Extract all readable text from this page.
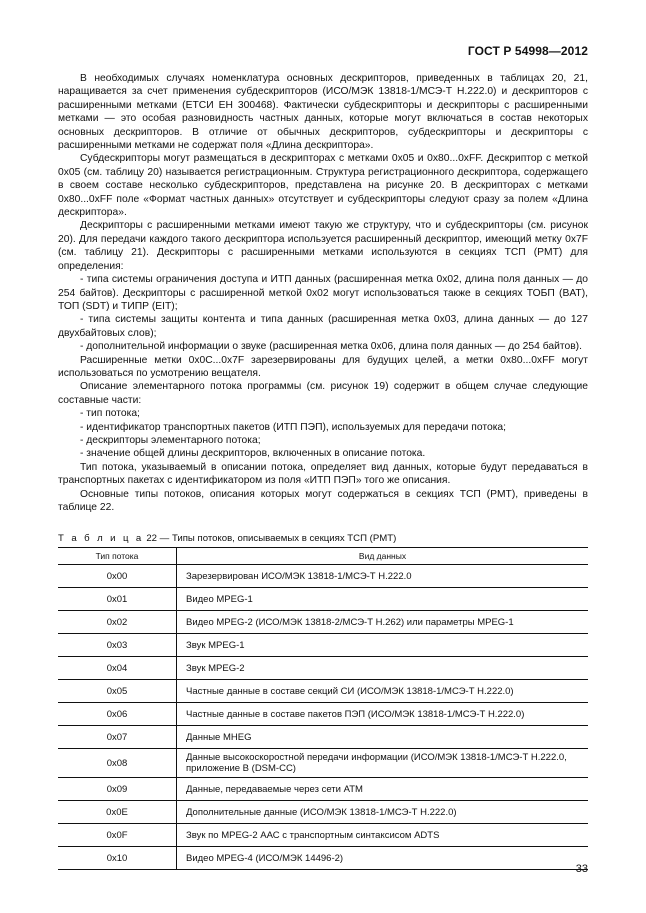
ГОСТ Р 54998—2012

В необходимых случаях номенклатура основных дескрипторов, приведенных в таблицах 20, 21, наращивается за счет применения субдескрипторов (ИСО/МЭК 13818-1/МСЭ-Т Н.222.0) и дескрипторов с расширенными метками (ЕТСИ ЕН 300468). Фактически субдескрипторы и дескрипторы с расширенными метками — это особая разновидность частных данных, которые могут включаться в состав некоторых основных дескрипторов. В отличие от обычных дескрипторов, субдескрипторы и дескрипторы с расширенными метками не содержат поля «Длина дескриптора».

Субдескрипторы могут размещаться в дескрипторах с метками 0x05 и 0x80...0xFF. Дескриптор с меткой 0x05 (см. таблицу 20) называется регистрационным. Структура регистрационного дескриптора, содержащего в своем составе несколько субдескрипторов, представлена на рисунке 20. В дескрипторах с метками 0x80...0xFF поле «Формат частных данных» отсутствует и субдескрипторы следуют сразу за полем «Длина дескриптора».

Дескрипторы с расширенными метками имеют такую же структуру, что и субдескрипторы (см. рисунок 20). Для передачи каждого такого дескриптора используется расширенный дескриптор, имеющий метку 0x7F (см. таблицу 21). Дескрипторы с расширенными метками используются в секциях ТСП (PMT) для определения:

- типа системы ограничения доступа и ИТП данных (расширенная метка 0x02, длина поля данных — до 254 байтов). Дескрипторы с расширенной меткой 0x02 могут использоваться также в секциях ТОБП (BAT), ТОП (SDT) и ТИПР (EIT);

- типа системы защиты контента и типа данных (расширенная метка 0x03, длина данных — до 127 двухбайтовых слов);

- дополнительной информации о звуке (расширенная метка 0x06, длина поля данных — до 254 байтов).

Расширенные метки 0x0C...0x7F зарезервированы для будущих целей, а метки 0x80...0xFF могут использоваться по усмотрению вещателя.

Описание элементарного потока программы (см. рисунок 19) содержит в общем случае следующие составные части:

- тип потока;

- идентификатор транспортных пакетов (ИТП ПЭП), используемых для передачи потока;

- дескрипторы элементарного потока;

- значение общей длины дескрипторов, включенных в описание потока.

Тип потока, указываемый в описании потока, определяет вид данных, которые будут передаваться в транспортных пакетах с идентификатором из поля «ИТП ПЭП» тогo же описания.

Основные типы потоков, описания которых могут содержаться в секциях ТСП (PMT), приведены в таблице 22.

Т а б л и ц а 22 — Типы потоков, описываемых в секциях ТСП (PMT)
Тип потока	Вид данных
0x00	Зарезервирован ИСО/МЭК 13818-1/МСЭ-Т Н.222.0
0x01	Видео MPEG-1
0x02	Видео MPEG-2 (ИСО/МЭК 13818-2/МСЭ-Т Н.262) или параметры MPEG-1
0x03	Звук MPEG-1
0x04	Звук MPEG-2
0x05	Частные данные в составе секций СИ (ИСО/МЭК 13818-1/МСЭ-Т Н.222.0)
0x06	Частные данные в составе пакетов ПЭП (ИСО/МЭК 13818-1/МСЭ-Т Н.222.0)
0x07	Данные MHEG
0x08	Данные высокоскоростной передачи информации (ИСО/МЭК 13818-1/МСЭ-Т Н.222.0, приложение В (DSM-CC)
0x09	Данные, передаваемые через сети АТМ
0x0E	Дополнительные данные (ИСО/МЭК 13818-1/МСЭ-Т Н.222.0)
0x0F	Звук по MPEG-2 ААС с транспортным синтаксисом ADTS
0x10	Видео MPEG-4 (ИСО/МЭК 14496-2)
33
